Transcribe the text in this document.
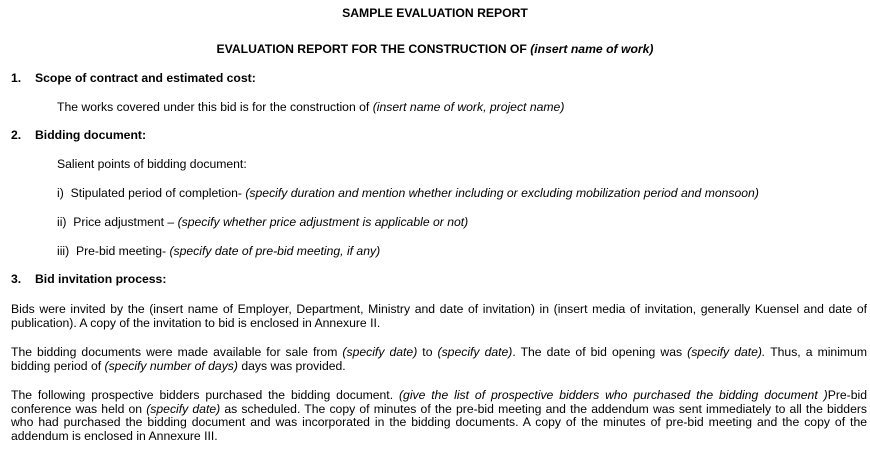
SAMPLE EVALUATION REPORT
EVALUATION REPORT FOR THE CONSTRUCTION OF (insert name of work)
1. Scope of contract and estimated cost:
The works covered under this bid is for the construction of (insert name of work, project name)
2. Bidding document:
Salient points of bidding document:
i) Stipulated period of completion- (specify duration and mention whether including or excluding mobilization period and monsoon)
ii) Price adjustment – (specify whether price adjustment is applicable or not)
iii) Pre-bid meeting- (specify date of pre-bid meeting, if any)
3. Bid invitation process:
Bids were invited by the (insert name of Employer, Department, Ministry and date of invitation) in (insert media of invitation, generally Kuensel and date of publication). A copy of the invitation to bid is enclosed in Annexure II.
The bidding documents were made available for sale from (specify date) to (specify date). The date of bid opening was (specify date). Thus, a minimum bidding period of (specify number of days) days was provided.
The following prospective bidders purchased the bidding document. (give the list of prospective bidders who purchased the bidding document )Pre-bid conference was held on (specify date) as scheduled. The copy of minutes of the pre-bid meeting and the addendum was sent immediately to all the bidders who had purchased the bidding document and was incorporated in the bidding documents. A copy of the minutes of pre-bid meeting and the copy of the addendum is enclosed in Annexure III.
